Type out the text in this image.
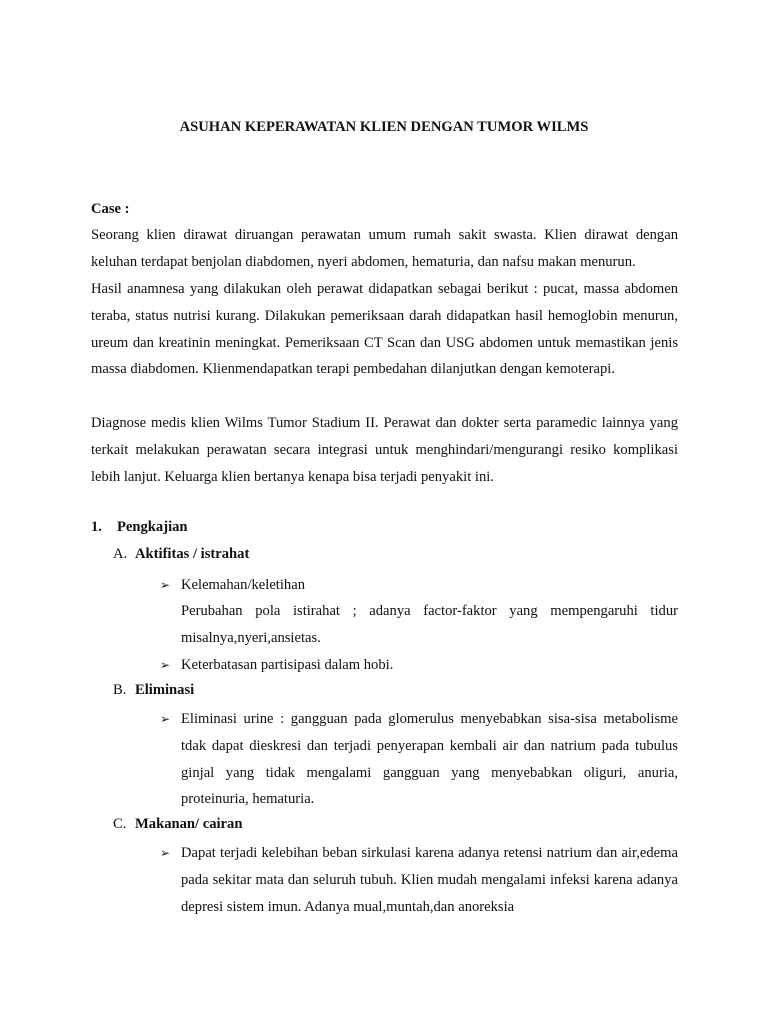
ASUHAN KEPERAWATAN KLIEN DENGAN TUMOR WILMS
Case :

Seorang klien dirawat diruangan perawatan umum rumah sakit swasta. Klien dirawat dengan keluhan terdapat benjolan diabdomen, nyeri abdomen, hematuria, dan nafsu makan menurun.

Hasil anamnesa yang dilakukan oleh perawat didapatkan sebagai berikut : pucat, massa abdomen teraba, status nutrisi kurang. Dilakukan pemeriksaan darah didapatkan hasil hemoglobin menurun, ureum dan kreatinin meningkat. Pemeriksaan CT Scan dan USG abdomen untuk memastikan jenis massa diabdomen. Klienmendapatkan terapi pembedahan dilanjutkan dengan kemoterapi.

Diagnose medis klien Wilms Tumor Stadium II. Perawat dan dokter serta paramedic lainnya yang terkait melakukan perawatan secara integrasi untuk menghindari/mengurangi resiko komplikasi lebih lanjut. Keluarga klien bertanya kenapa bisa terjadi penyakit ini.

1. Pengkajian
A. Aktifitas / istrahat
➢ Kelemahan/keletihan

Perubahan pola istirahat ; adanya factor-faktor yang mempengaruhi tidur misalnya,nyeri,ansietas.

➢ Keterbatasan partisipasi dalam hobi.
B. Eliminasi
➢ Eliminasi urine : gangguan pada glomerulus menyebabkan sisa-sisa metabolisme tdak dapat dieskresi dan terjadi penyerapan kembali air dan natrium pada tubulus ginjal yang tidak mengalami gangguan yang menyebabkan oliguri, anuria, proteinuria, hematuria.
C. Makanan/ cairan
➢ Dapat terjadi kelebihan beban sirkulasi karena adanya retensi natrium dan air,edema pada sekitar mata dan seluruh tubuh. Klien mudah mengalami infeksi karena adanya depresi sistem imun. Adanya mual,muntah,dan anoreksia
